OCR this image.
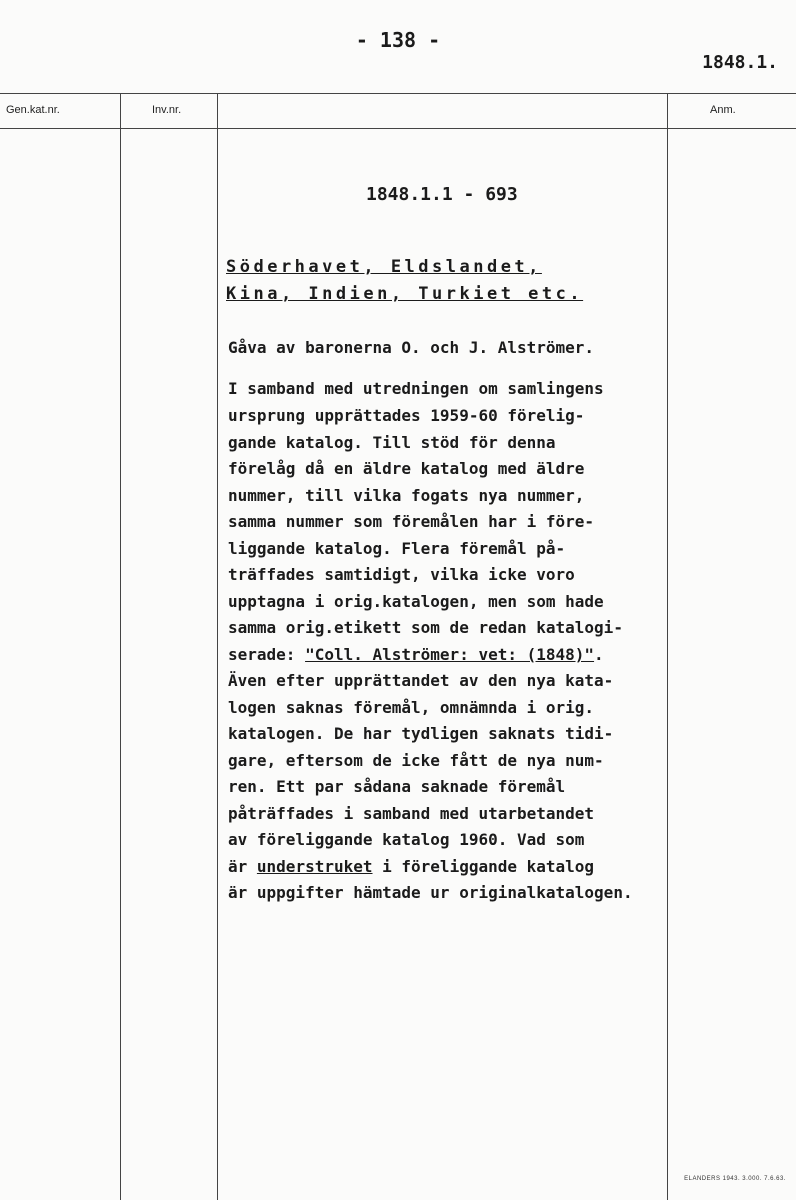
- 138 -
1848.1.
Gen.kat.nr.	Inv.nr.	Anm.
1848.1.1 - 693
Söderhavet, Eldslandet,
Kina, Indien, Turkiet etc.
Gåva av baronerna O. och J. Alströmer.
I samband med utredningen om samlingens
ursprung upprättades 1959-60 förelig-
gande katalog. Till stöd för denna
förelåg då en äldre katalog med äldre
nummer, till vilka fogats nya nummer,
samma nummer som föremålen har i före-
liggande katalog. Flera föremål på-
träffades samtidigt, vilka icke voro
upptagna i orig.katalogen, men som hade
samma orig.etikett som de redan katalogi-
serade: "Coll. Alströmer: vet: (1848)".
Även efter upprättandet av den nya kata-
logen saknas föremål, omnämnda i orig.
katalogen. De har tydligen saknats tidi-
gare, eftersom de icke fått de nya num-
ren. Ett par sådana saknade föremål
påträffades i samband med utarbetandet
av föreliggande katalog 1960. Vad som
är understruket i föreliggande katalog
är uppgifter hämtade ur originalkatalogen.
ELANDERS 1943. 3.000. 7.6.63.
